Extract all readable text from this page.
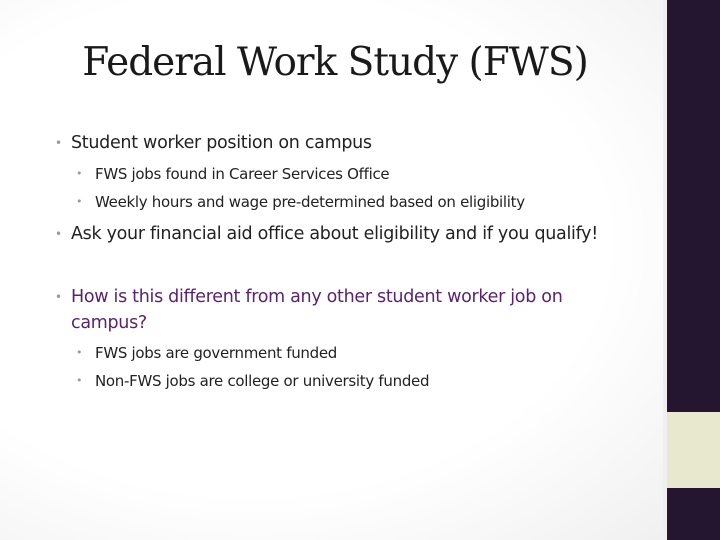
Federal Work Study (FWS)
• Student worker position on campus
• FWS jobs found in Career Services Office
• Weekly hours and wage pre-determined based on eligibility
• Ask your financial aid office about eligibility and if you qualify!
• How is this different from any other student worker job on campus?
• FWS jobs are government funded
• Non-FWS jobs are college or university funded
